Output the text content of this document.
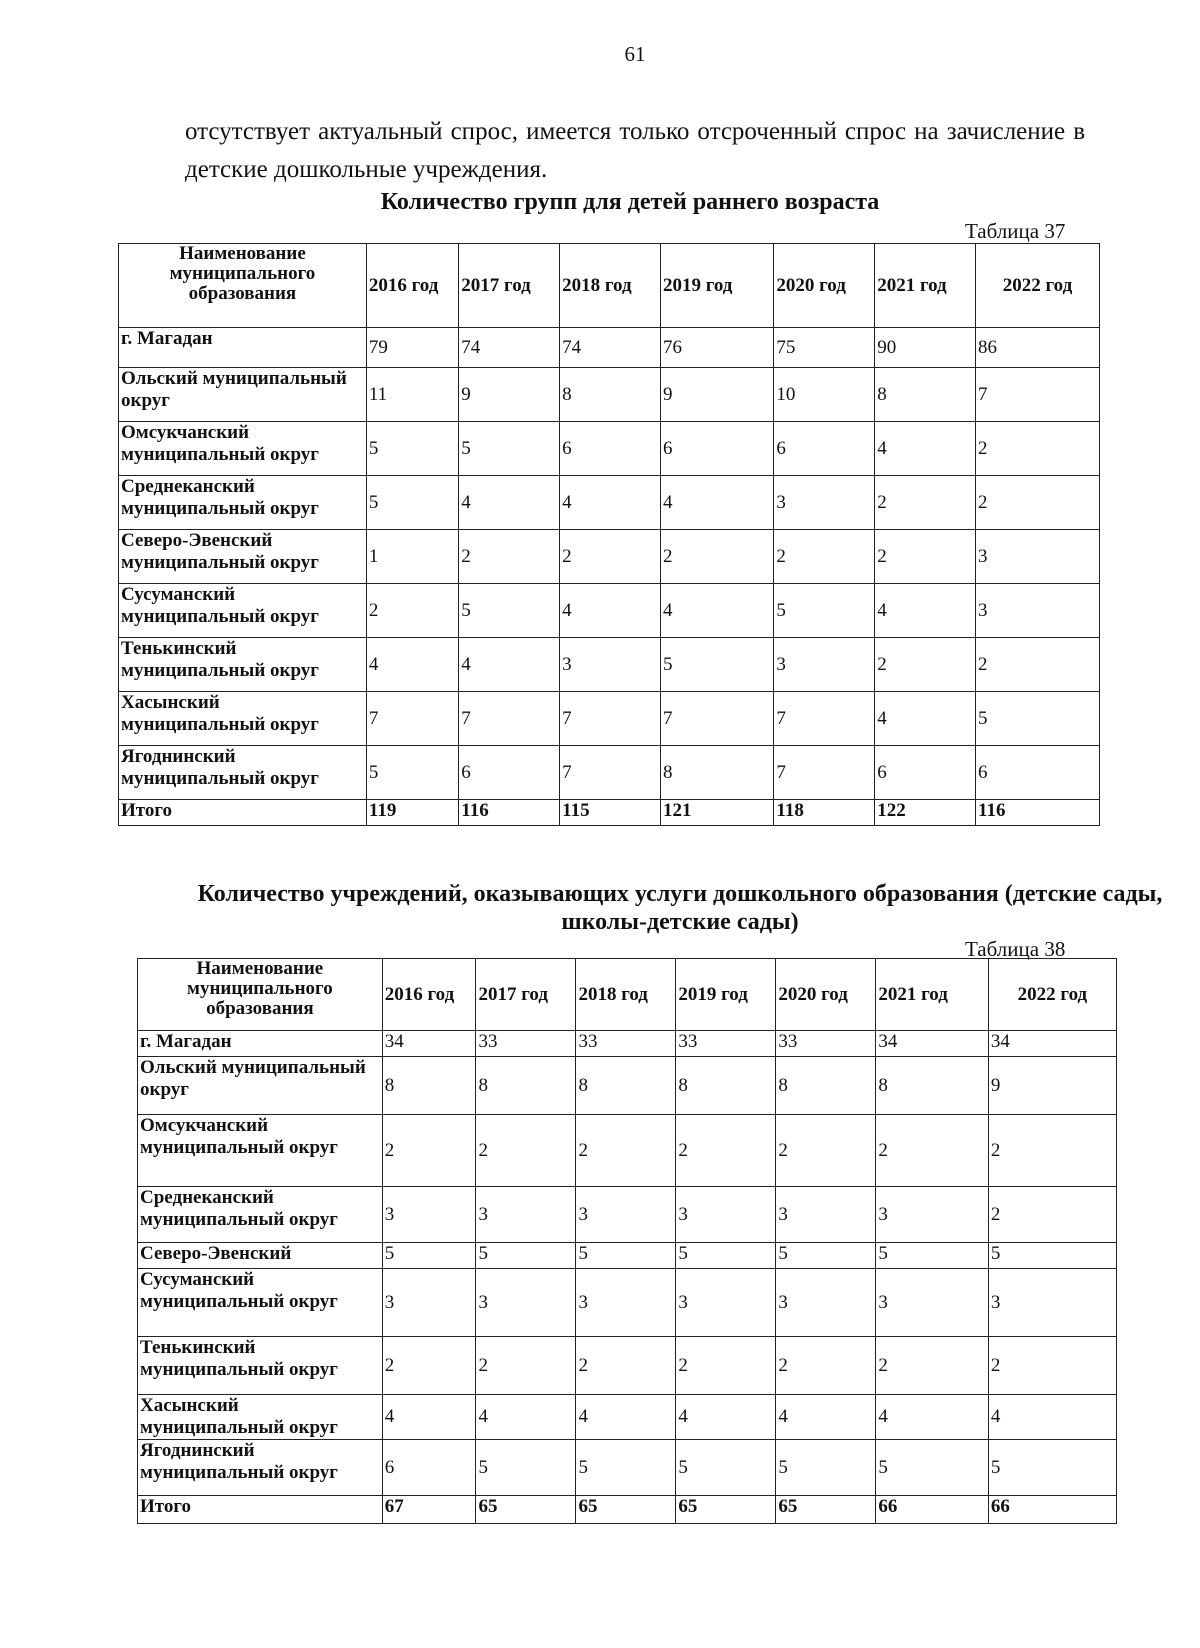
61
отсутствует актуальный спрос, имеется только отсроченный спрос на зачисление в детские дошкольные учреждения.
Количество групп для детей раннего возраста
Таблица 37
Наименование муниципального образования	2016 год	2017 год	2018 год	2019 год	2020 год	2021 год	2022 год
г. Магадан	79	74	74	76	75	90	86
Ольский муниципальный округ	11	9	8	9	10	8	7
Омсукчанский муниципальный округ	5	5	6	6	6	4	2
Среднеканский муниципальный округ	5	4	4	4	3	2	2
Северо-Эвенский муниципальный округ	1	2	2	2	2	2	3
Сусуманский муниципальный округ	2	5	4	4	5	4	3
Тенькинский муниципальный округ	4	4	3	5	3	2	2
Хасынский муниципальный округ	7	7	7	7	7	4	5
Ягоднинский муниципальный округ	5	6	7	8	7	6	6
Итого	119	116	115	121	118	122	116
Количество учреждений, оказывающих услуги дошкольного образования (детские сады, школы-детские сады)
Таблица 38
Наименование муниципального образования	2016 год	2017 год	2018 год	2019 год	2020 год	2021 год	2022 год
г. Магадан	34	33	33	33	33	34	34
Ольский муниципальный округ	8	8	8	8	8	8	9
Омсукчанский муниципальный округ	2	2	2	2	2	2	2
Среднеканский муниципальный округ	3	3	3	3	3	3	2
Северо-Эвенский	5	5	5	5	5	5	5
Сусуманский муниципальный округ	3	3	3	3	3	3	3
Тенькинский муниципальный округ	2	2	2	2	2	2	2
Хасынский муниципальный округ	4	4	4	4	4	4	4
Ягоднинский муниципальный округ	6	5	5	5	5	5	5
Итого	67	65	65	65	65	66	66
